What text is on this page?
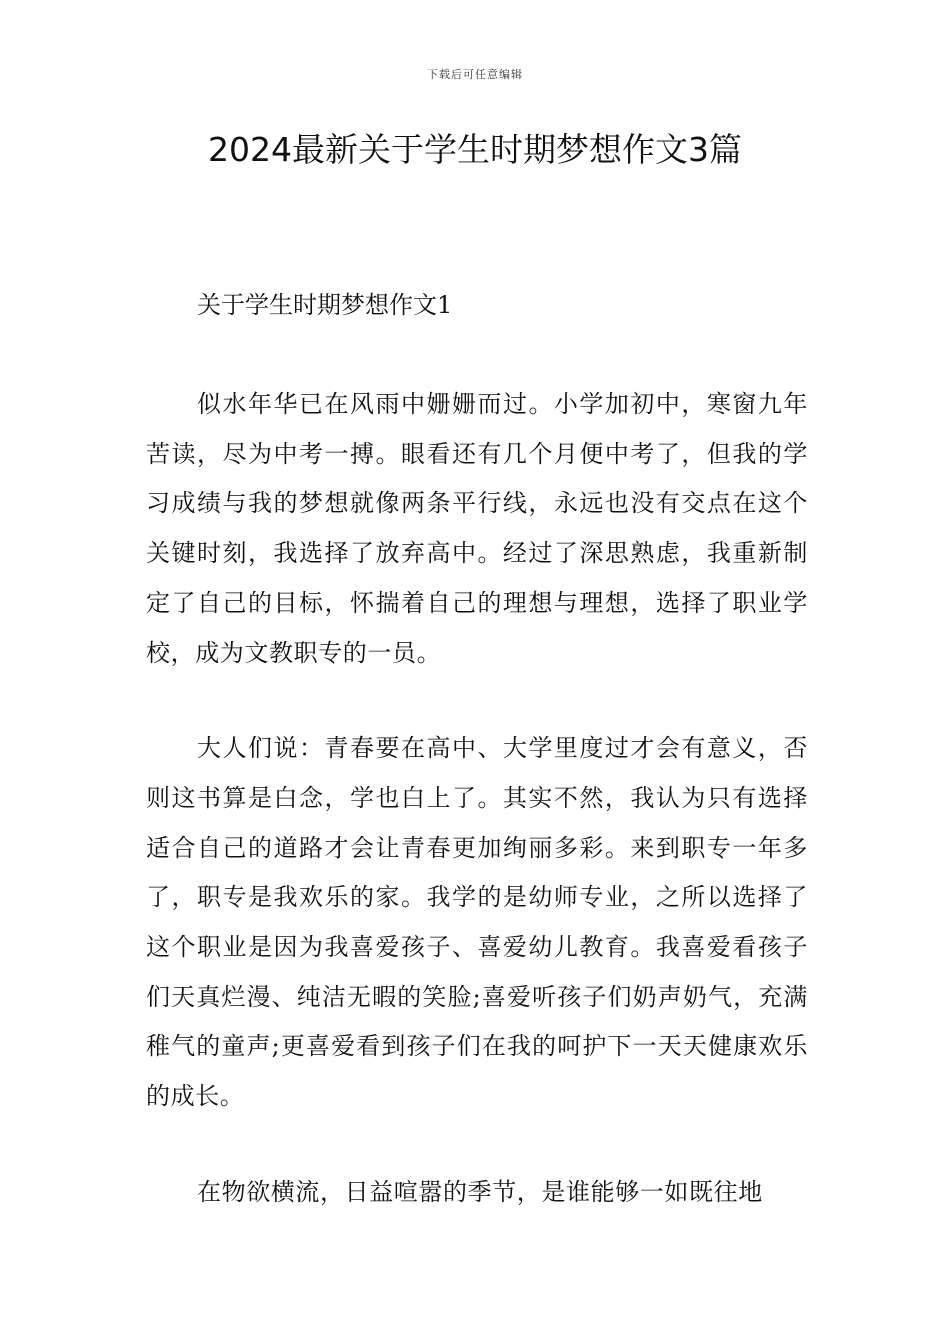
下载后可任意编辑
2024最新关于学生时期梦想作文3篇
关于学生时期梦想作文1

似水年华已在风雨中姗姗而过。小学加初中，寒窗九年苦读，尽为中考一搏。眼看还有几个月便中考了，但我的学习成绩与我的梦想就像两条平行线，永远也没有交点在这个关键时刻，我选择了放弃高中。经过了深思熟虑，我重新制定了自己的目标，怀揣着自己的理想与理想，选择了职业学校，成为文教职专的一员。

大人们说：青春要在高中、大学里度过才会有意义，否则这书算是白念，学也白上了。其实不然，我认为只有选择适合自己的道路才会让青春更加绚丽多彩。来到职专一年多了，职专是我欢乐的家。我学的是幼师专业，之所以选择了这个职业是因为我喜爱孩子、喜爱幼儿教育。我喜爱看孩子们天真烂漫、纯洁无暇的笑脸;喜爱听孩子们奶声奶气，充满稚气的童声;更喜爱看到孩子们在我的呵护下一天天健康欢乐的成长。

在物欲横流，日益喧嚣的季节，是谁能够一如既往地
